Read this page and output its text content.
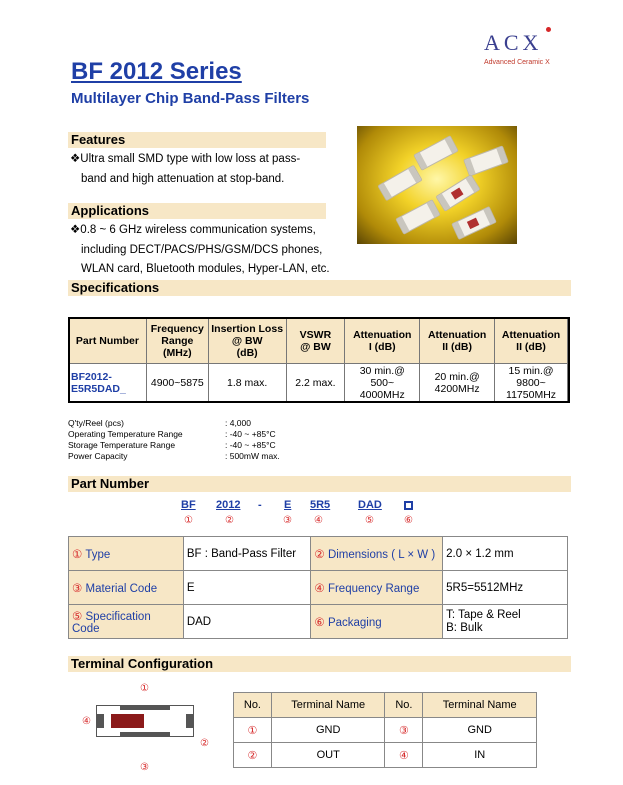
ACX
Advanced Ceramic X
BF 2012 Series
Multilayer Chip Band-Pass Filters
Features
❖Ultra small SMD type with low loss at pass-
band and high attenuation at stop-band.
Applications
❖0.8 ~ 6 GHz wireless communication systems,
including DECT/PACS/PHS/GSM/DCS phones,
WLAN card, Bluetooth modules, Hyper-LAN, etc.
Specifications
Part Number	Frequency
Range
(MHz)	Insertion Loss
@ BW
(dB)	VSWR
@ BW	Attenuation
I (dB)	Attenuation
II (dB)	Attenuation
II (dB)
BF2012-
E5R5DAD_	4900~5875	1.8 max.	2.2 max.	30 min.@
500~
4000MHz	20 min.@
4200MHz	15 min.@
9800~
11750MHz
Q'ty/Reel (pcs)	: 4,000
Operating Temperature Range	: -40 ~ +85°C
Storage Temperature Range	: -40 ~ +85°C
Power Capacity	: 500mW max.
Part Number
BF 2012 - E 5R5	DAD
①	②	③ ④	⑤	⑥
① Type	BF : Band-Pass Filter	② Dimensions ( L × W )	2.0 × 1.2 mm
③ Material Code	E	④ Frequency Range	5R5=5512MHz
⑤ Specification Code	DAD	⑥ Packaging	T: Tape & Reel
B: Bulk
Terminal Configuration
①
②
③
④
No.	Terminal Name	No.	Terminal Name
①	GND	③	GND
②	OUT	④	IN
